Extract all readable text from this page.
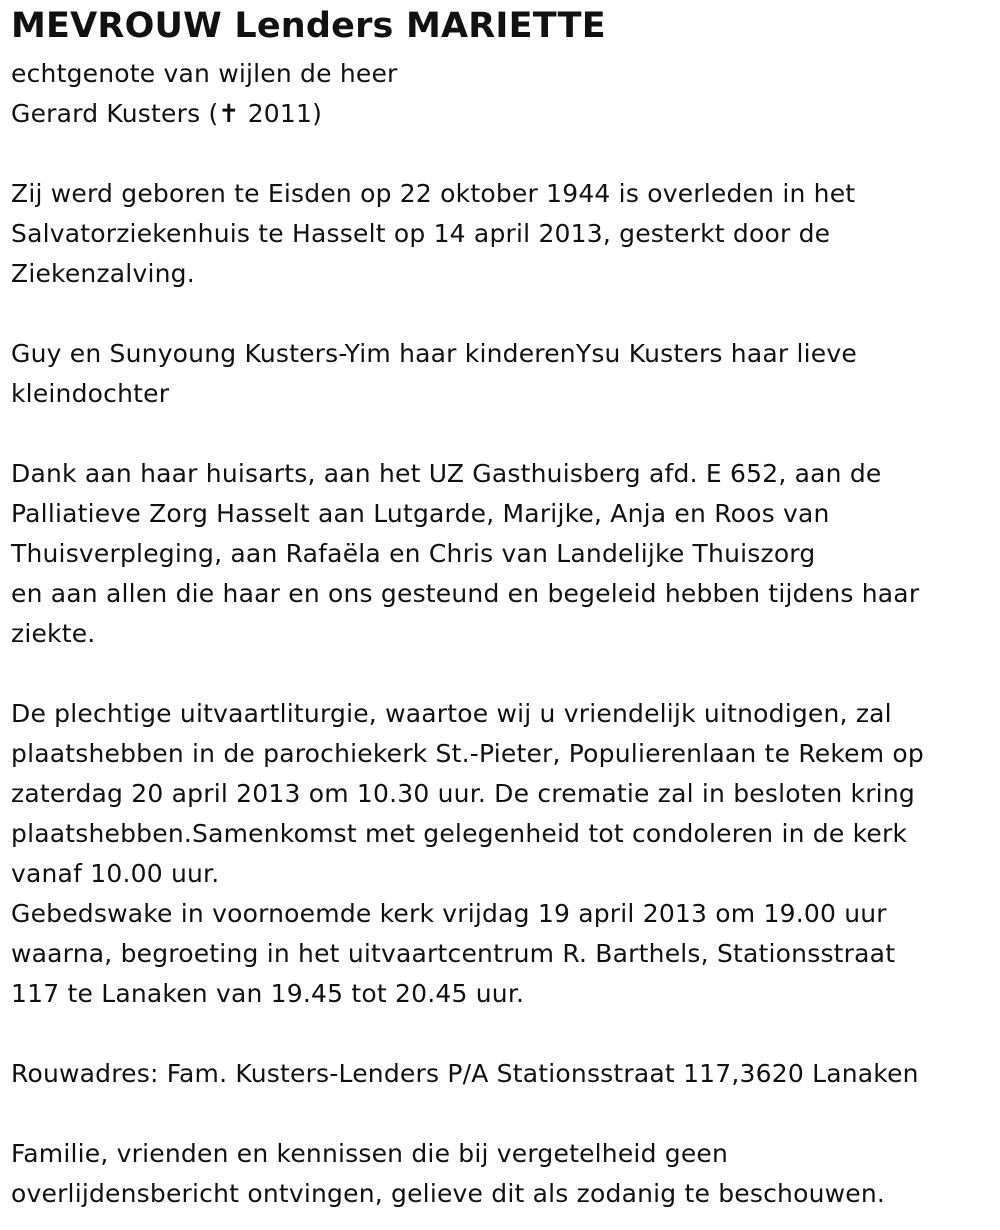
MEVROUW Lenders MARIETTE
echtgenote van wijlen de heer
Gerard Kusters (✝ 2011)
Zij werd geboren te Eisden op 22 oktober 1944 is overleden in het
Salvatorziekenhuis te Hasselt op 14 april 2013, gesterkt door de
Ziekenzalving.
Guy en Sunyoung Kusters-Yim haar kinderenYsu Kusters haar lieve
kleindochter
Dank aan haar huisarts, aan het UZ Gasthuisberg afd. E 652, aan de
Palliatieve Zorg Hasselt aan Lutgarde, Marijke, Anja en Roos van
Thuisverpleging, aan Rafaëla en Chris van Landelijke Thuiszorg
en aan allen die haar en ons gesteund en begeleid hebben tijdens haar
ziekte.
De plechtige uitvaartliturgie, waartoe wij u vriendelijk uitnodigen, zal
plaatshebben in de parochiekerk St.-Pieter, Populierenlaan te Rekem op
zaterdag 20 april 2013 om 10.30 uur. De crematie zal in besloten kring
plaatshebben.Samenkomst met gelegenheid tot condoleren in de kerk
vanaf 10.00 uur.
Gebedswake in voornoemde kerk vrijdag 19 april 2013 om 19.00 uur
waarna, begroeting in het uitvaartcentrum R. Barthels, Stationsstraat
117 te Lanaken van 19.45 tot 20.45 uur.
Rouwadres: Fam. Kusters-Lenders P/A Stationsstraat 117,3620 Lanaken
Familie, vrienden en kennissen die bij vergetelheid geen
overlijdensbericht ontvingen, gelieve dit als zodanig te beschouwen.
